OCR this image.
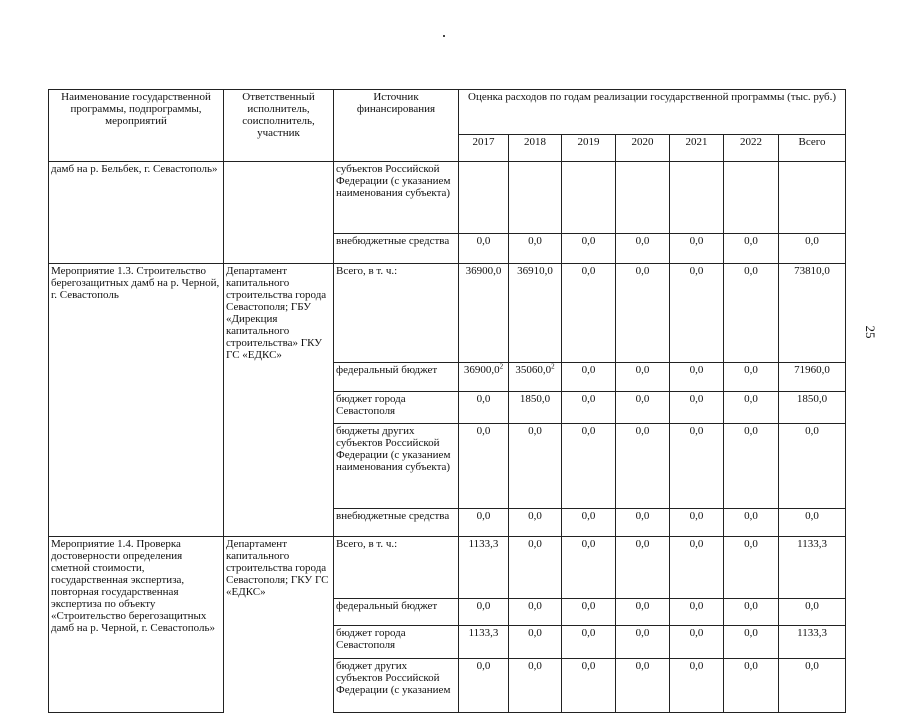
Наименование государственной программы, подпрограммы, мероприятий	Ответственный исполнитель, соисполнитель, участник	Источник финансирования	Оценка расходов по годам реализации государственной программы (тыс. руб.)						
			2017	2018	2019	2020	2021	2022	Всего
дамб на р. Бельбек, г. Севастополь»		субъектов Российской Федерации (с указанием наименования субъекта)							
		внебюджетные средства	0,0	0,0	0,0	0,0	0,0	0,0	0,0
Мероприятие 1.3. Строительство берегозащитных дамб на р. Черной, г. Севастополь	Департамент капитального строительства города Севастополя; ГБУ «Дирекция капитального строительства» ГКУ ГС «ЕДКС»	Всего, в т. ч.:	36900,0	36910,0	0,0	0,0	0,0	0,0	73810,0
		федеральный бюджет	36900,0$^2$	35060,0$^2$	0,0	0,0	0,0	0,0	71960,0
		бюджет города Севастополя	0,0	1850,0	0,0	0,0	0,0	0,0	1850,0
		бюджеты других субъектов Российской Федерации (с указанием наименования субъекта)	0,0	0,0	0,0	0,0	0,0	0,0	0,0
		внебюджетные средства	0,0	0,0	0,0	0,0	0,0	0,0	0,0
Мероприятие 1.4. Проверка достоверности определения сметной стоимости, государственная экспертиза, повторная государственная экспертиза по объекту «Строительство берегозащитных дамб на р. Черной, г. Севастополь»	Департамент капитального строительства города Севастополя; ГКУ ГС «ЕДКС»	Всего, в т. ч.:	1133,3	0,0	0,0	0,0	0,0	0,0	1133,3
		федеральный бюджет	0,0	0,0	0,0	0,0	0,0	0,0	0,0
		бюджет города Севастополя	1133,3	0,0	0,0	0,0	0,0	0,0	1133,3
		бюджет других субъектов Российской Федерации (с указанием	0,0	0,0	0,0	0,0	0,0	0,0	0,0
25
